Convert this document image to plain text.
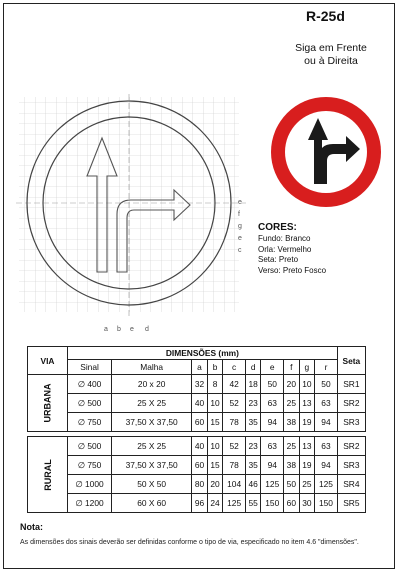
R-25d
Siga em Frente
ou à Direita
a b e d
e
f
g
e
c
CORES:
Fundo: Branco
Orla: Vermelho
Seta: Preto
Verso: Preto Fosco
VIA	DIMENSÕES (mm)										Seta
	Sinal	Malha	a	b	c	d	e	f	g	r	
URBANA	∅ 400	20 x 20	32	8	42	18	50	20	10	50	SR1
	∅ 500	25 X 25	40	10	52	23	63	25	13	63	SR2
	∅ 750	37,50 X 37,50	60	15	78	35	94	38	19	94	SR3

RURAL	∅ 500	25 X 25	40	10	52	23	63	25	13	63	SR2
	∅ 750	37,50 X 37,50	60	15	78	35	94	38	19	94	SR3
	∅ 1000	50 X 50	80	20	104	46	125	50	25	125	SR4
	∅ 1200	60 X 60	96	24	125	55	150	60	30	150	SR5
Nota:
As dimensões dos sinais deverão ser definidas conforme o tipo de via, especificado no item 4.6 "dimensões".
